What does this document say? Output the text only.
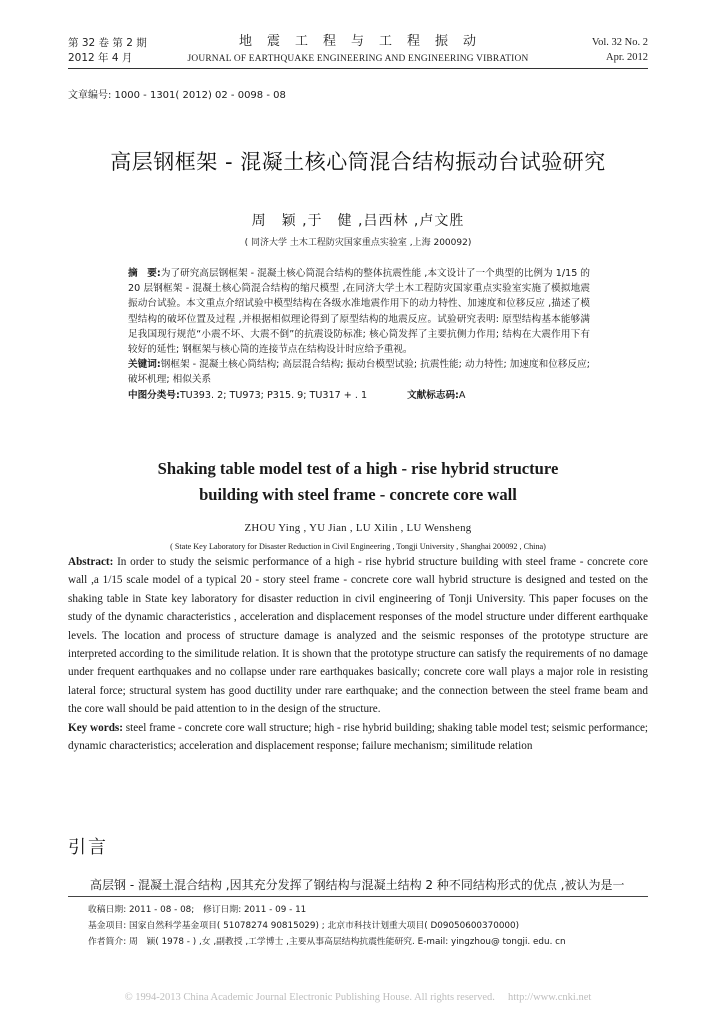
第 32 卷 第 2 期
2012 年 4 月
地　震　工　程　与　工　程　振　动
JOURNAL OF EARTHQUAKE ENGINEERING AND ENGINEERING VIBRATION
Vol. 32 No. 2
Apr. 2012
文章编号: 1000 - 1301( 2012) 02 - 0098 - 08
高层钢框架 - 混凝土核心筒混合结构振动台试验研究
周　颖 ,于　健 ,吕西林 ,卢文胜
( 同济大学 土木工程防灾国家重点实验室 ,上海 200092)

摘　要:为了研究高层钢框架 - 混凝土核心筒混合结构的整体抗震性能 ,本文设计了一个典型的比例为 1/15 的 20 层钢框架 - 混凝土核心筒混合结构的缩尺模型 ,在同济大学土木工程防灾国家重点实验室实施了模拟地震振动台试验。本文重点介绍试验中模型结构在各级水准地震作用下的动力特性、加速度和位移反应 ,描述了模型结构的破坏位置及过程 ,并根据相似理论得到了原型结构的地震反应。试验研究表明: 原型结构基本能够满足我国现行规范“小震不坏、大震不倒”的抗震设防标准; 核心筒发挥了主要抗侧力作用; 结构在大震作用下有较好的延性; 钢框架与核心筒的连接节点在结构设计时应给予重视。

关键词:钢框架 - 混凝土核心筒结构; 高层混合结构; 振动台模型试验; 抗震性能; 动力特性; 加速度和位移反应; 破坏机理; 相似关系

中图分类号:TU393. 2; TU973; P315. 9; TU317 + . 1	文献标志码:A

Shaking table model test of a high - rise hybrid structure
building with steel frame - concrete core wall
ZHOU Ying , YU Jian , LU Xilin , LU Wensheng
( State Key Laboratory for Disaster Reduction in Civil Engineering , Tongji University , Shanghai 200092 , China)

Abstract: In order to study the seismic performance of a high - rise hybrid structure building with steel frame - concrete core wall ,a 1/15 scale model of a typical 20 - story steel frame - concrete core wall hybrid structure is designed and tested on the shaking table in State key laboratory for disaster reduction in civil engineering of Tonji University. This paper focuses on the study of the dynamic characteristics , acceleration and displacement responses of the model structure under different earthquake levels. The location and process of structure damage is analyzed and the seismic responses of the prototype structure are interpreted according to the similitude relation. It is shown that the prototype structure can satisfy the requirements of no damage under frequent earthquakes and no collapse under rare earthquakes basically; concrete core wall plays a major role in resisting lateral force; structural system has good ductility under rare earthquake; and the connection between the steel frame beam and the core wall should be paid attention to in the design of the structure.

Key words: steel frame - concrete core wall structure; high - rise hybrid building; shaking table model test; seismic performance; dynamic characteristics; acceleration and displacement response; failure mechanism; similitude relation

引言
高层钢 - 混凝土混合结构 ,因其充分发挥了钢结构与混凝土结构 2 种不同结构形式的优点 ,被认为是一
收稿日期: 2011 - 08 - 08;　修订日期: 2011 - 09 - 11
基金项目: 国家自然科学基金项目( 51078274 90815029) ; 北京市科技计划重大项目( D09050600370000)
作者简介: 周　颖( 1978 - ) ,女 ,副教授 ,工学博士 ,主要从事高层结构抗震性能研究. E-mail: yingzhou@ tongji. edu. cn
© 1994-2013 China Academic Journal Electronic Publishing House. All rights reserved.　 http://www.cnki.net
